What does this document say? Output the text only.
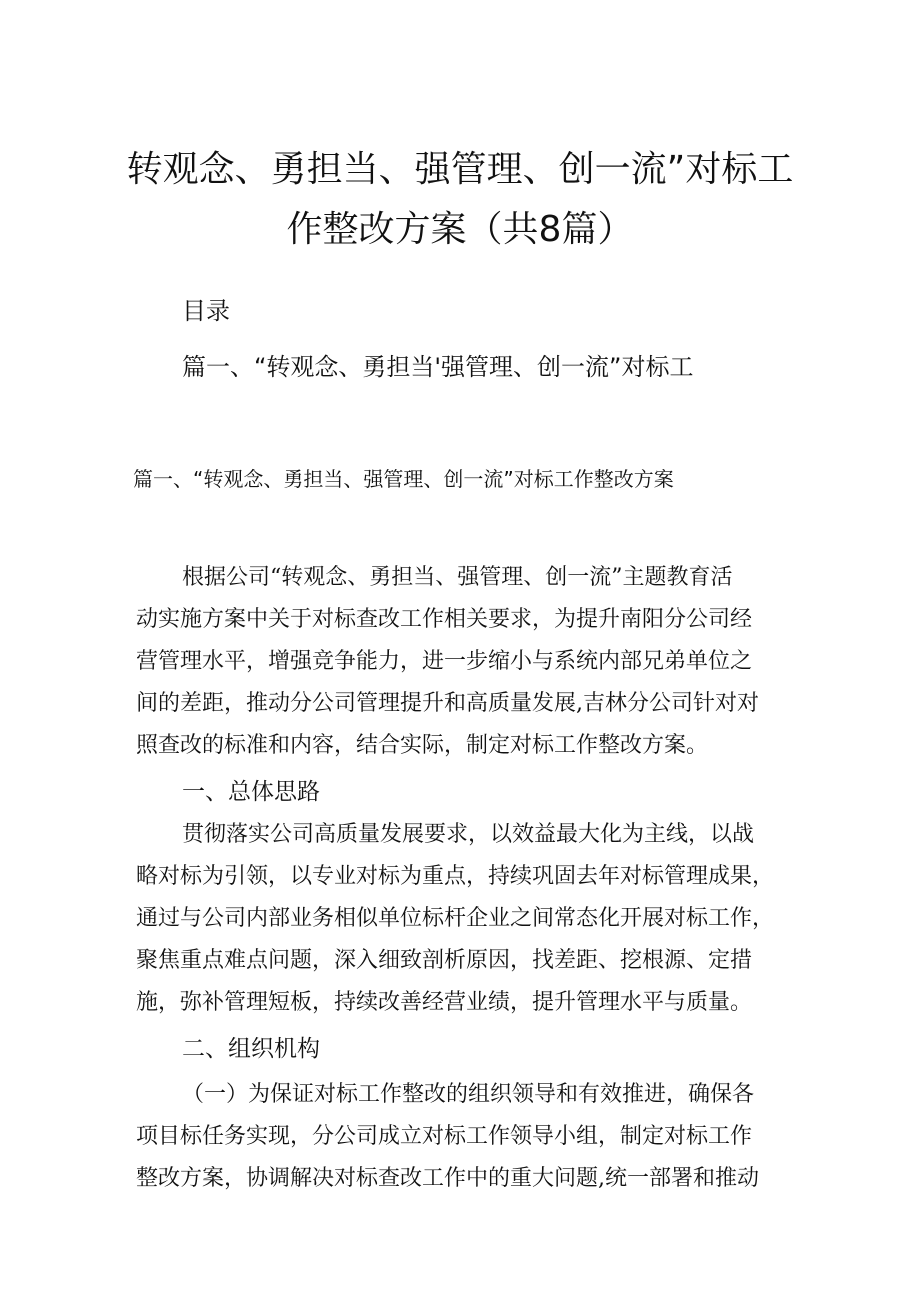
转观念、勇担当、强管理、创一流”对标工
作整改方案（共8篇）
目录
篇一、“转观念、勇担当'强管理、创一流”对标工
篇一、“转观念、勇担当、强管理、创一流”对标工作整改方案
根据公司“转观念、勇担当、强管理、创一流”主题教育活
动实施方案中关于对标查改工作相关要求，为提升南阳分公司经
营管理水平，增强竞争能力，进一步缩小与系统内部兄弟单位之
间的差距，推动分公司管理提升和高质量发展,吉林分公司针对对
照查改的标准和内容，结合实际，制定对标工作整改方案。
一、总体思路
贯彻落实公司高质量发展要求，以效益最大化为主线，以战
略对标为引领，以专业对标为重点，持续巩固去年对标管理成果，
通过与公司内部业务相似单位标杆企业之间常态化开展对标工作，
聚焦重点难点问题，深入细致剖析原因，找差距、挖根源、定措
施，弥补管理短板，持续改善经营业绩，提升管理水平与质量。
二、组织机构
（一）为保证对标工作整改的组织领导和有效推进，确保各
项目标任务实现，分公司成立对标工作领导小组，制定对标工作
整改方案，协调解决对标查改工作中的重大问题,统一部署和推动
